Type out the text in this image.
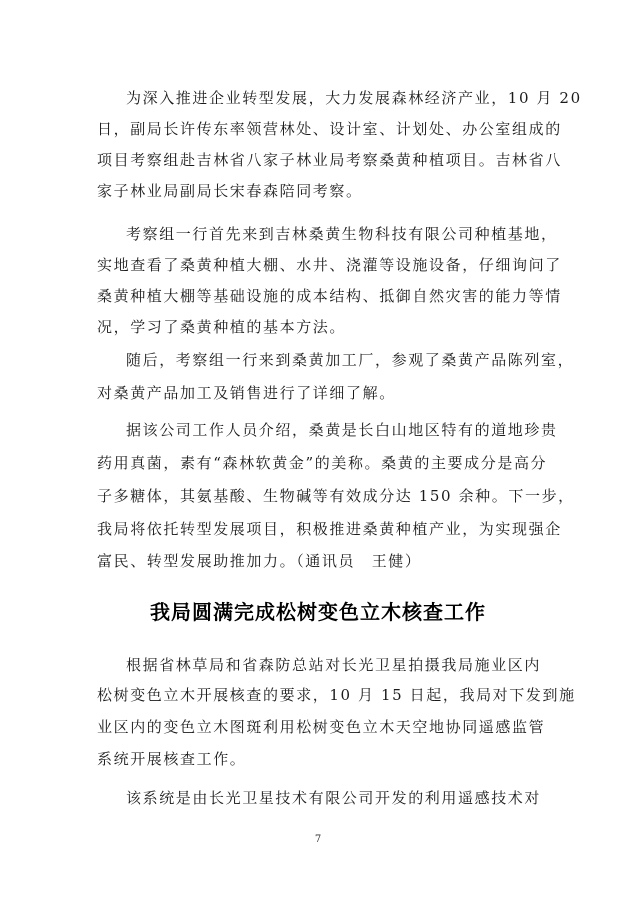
为深入推进企业转型发展，大力发展森林经济产业，10 月 20
日，副局长许传东率领营林处、设计室、计划处、办公室组成的
项目考察组赴吉林省八家子林业局考察桑黄种植项目。吉林省八
家子林业局副局长宋春森陪同考察。
考察组一行首先来到吉林桑黄生物科技有限公司种植基地，
实地查看了桑黄种植大棚、水井、浇灌等设施设备，仔细询问了
桑黄种植大棚等基础设施的成本结构、抵御自然灾害的能力等情
况，学习了桑黄种植的基本方法。
随后，考察组一行来到桑黄加工厂，参观了桑黄产品陈列室，
对桑黄产品加工及销售进行了详细了解。
据该公司工作人员介绍，桑黄是长白山地区特有的道地珍贵
药用真菌，素有“森林软黄金”的美称。桑黄的主要成分是高分
子多糖体，其氨基酸、生物碱等有效成分达 150 余种。下一步，
我局将依托转型发展项目，积极推进桑黄种植产业，为实现强企
富民、转型发展助推加力。（通讯员　王健）
我局圆满完成松树变色立木核查工作
根据省林草局和省森防总站对长光卫星拍摄我局施业区内
松树变色立木开展核查的要求，10 月 15 日起，我局对下发到施
业区内的变色立木图斑利用松树变色立木天空地协同遥感监管
系统开展核查工作。
该系统是由长光卫星技术有限公司开发的利用遥感技术对
7
